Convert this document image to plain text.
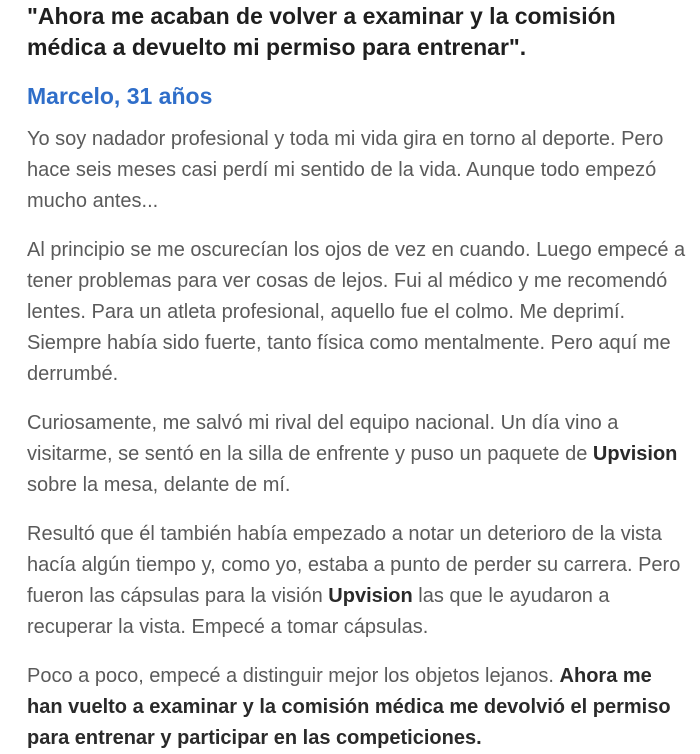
"Ahora me acaban de volver a examinar y la comisión médica a devuelto mi permiso para entrenar".
Marcelo, 31 años

Yo soy nadador profesional y toda mi vida gira en torno al deporte. Pero hace seis meses casi perdí mi sentido de la vida. Aunque todo empezó mucho antes...

Al principio se me oscurecían los ojos de vez en cuando. Luego empecé a tener problemas para ver cosas de lejos. Fui al médico y me recomendó lentes. Para un atleta profesional, aquello fue el colmo. Me deprimí. Siempre había sido fuerte, tanto física como mentalmente. Pero aquí me derrumbé.

Curiosamente, me salvó mi rival del equipo nacional. Un día vino a visitarme, se sentó en la silla de enfrente y puso un paquete de Upvision sobre la mesa, delante de mí.

Resultó que él también había empezado a notar un deterioro de la vista hacía algún tiempo y, como yo, estaba a punto de perder su carrera. Pero fueron las cápsulas para la visión Upvision las que le ayudaron a recuperar la vista. Empecé a tomar cápsulas.

Poco a poco, empecé a distinguir mejor los objetos lejanos. Ahora me han vuelto a examinar y la comisión médica me devolvió el permiso para entrenar y participar en las competiciones.
